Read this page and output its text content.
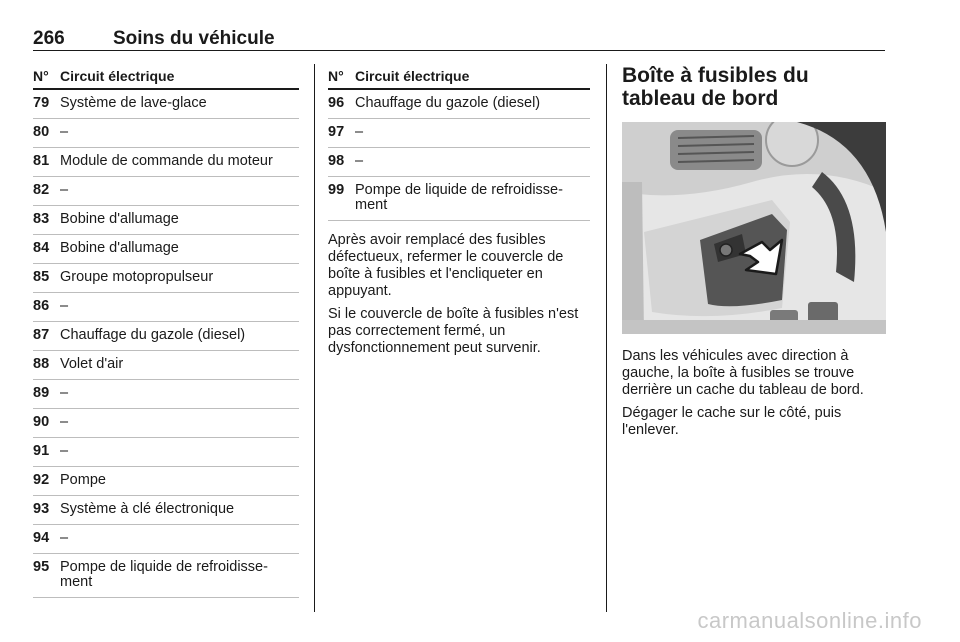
266	Soins du véhicule
N° Circuit électrique
79 Système de lave-glace
80 –
81 Module de commande du moteur
82 –
83 Bobine d'allumage
84 Bobine d'allumage
85 Groupe motopropulseur
86 –
87 Chauffage du gazole (diesel)
88 Volet d'air
89 –
90 –
91 –
92 Pompe
93 Système à clé électronique
94 –
95 Pompe de liquide de refroidisse- ment
N° Circuit électrique
96 Chauffage du gazole (diesel)
97 –
98 –
99 Pompe de liquide de refroidisse- ment

Après avoir remplacé des fusibles défectueux, refermer le couvercle de boîte à fusibles et l'encliqueter en appuyant.

Si le couvercle de boîte à fusibles n'est pas correctement fermé, un dysfonctionnement peut survenir.

Boîte à fusibles du tableau de bord

Dans les véhicules avec direction à gauche, la boîte à fusibles se trouve derrière un cache du tableau de bord.

Dégager le cache sur le côté, puis l'enlever.

carmanualsonline.info
